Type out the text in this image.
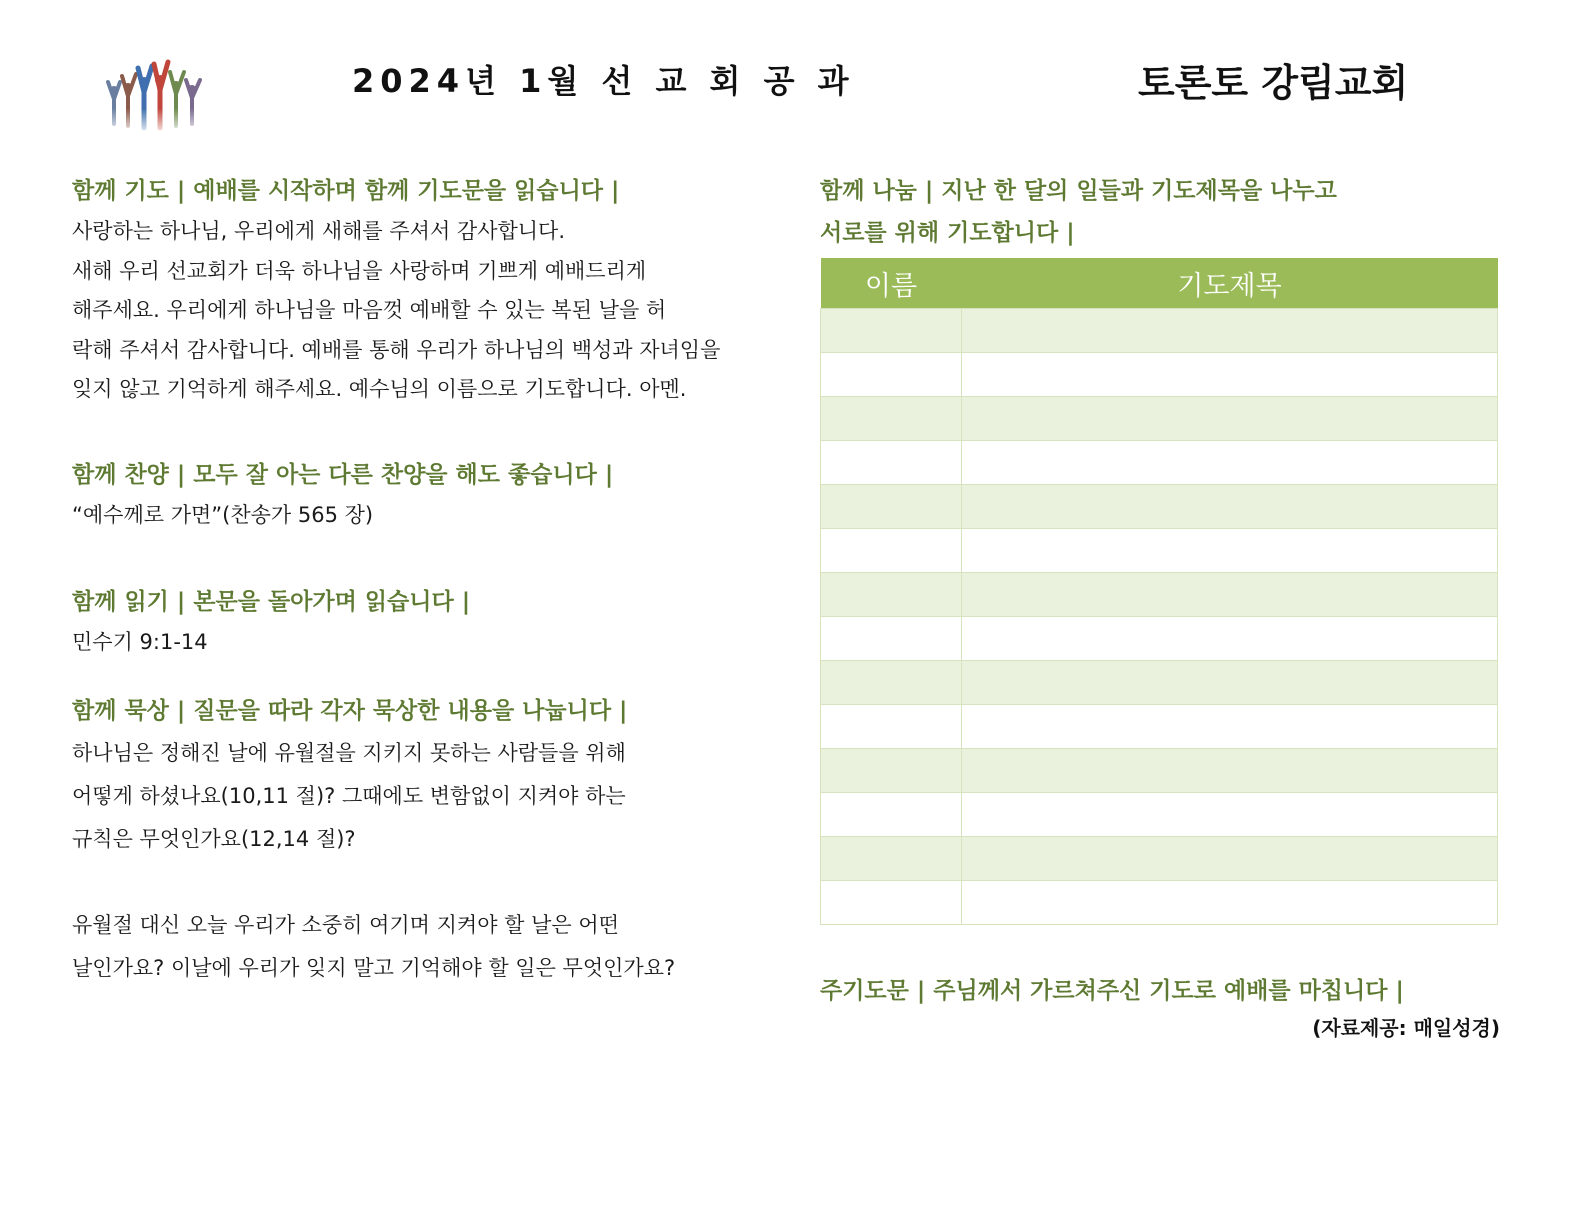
2024년 1월 선 교 회 공 과	토론토 강림교회
함께 기도 | 예배를 시작하며 함께 기도문을 읽습니다 |
사랑하는 하나님, 우리에게 새해를 주셔서 감사합니다.
새해 우리 선교회가 더욱 하나님을 사랑하며 기쁘게 예배드리게
해주세요. 우리에게 하나님을 마음껏 예배할 수 있는 복된 날을 허
락해 주셔서 감사합니다. 예배를 통해 우리가 하나님의 백성과 자녀임을
잊지 않고 기억하게 해주세요. 예수님의 이름으로 기도합니다. 아멘.
함께 찬양 | 모두 잘 아는 다른 찬양을 해도 좋습니다 |
“예수께로 가면”(찬송가 565 장)
함께 읽기 | 본문을 돌아가며 읽습니다 |
민수기 9:1-14
함께 묵상 | 질문을 따라 각자 묵상한 내용을 나눕니다 |
하나님은 정해진 날에 유월절을 지키지 못하는 사람들을 위해
어떻게 하셨나요(10,11 절)? 그때에도 변함없이 지켜야 하는
규칙은 무엇인가요(12,14 절)?
유월절 대신 오늘 우리가 소중히 여기며 지켜야 할 날은 어떤
날인가요? 이날에 우리가 잊지 말고 기억해야 할 일은 무엇인가요?
함께 나눔 | 지난 한 달의 일들과 기도제목을 나누고
서로를 위해 기도합니다 |
이름	기도제목

주기도문 | 주님께서 가르쳐주신 기도로 예배를 마칩니다 |
(자료제공: 매일성경)
